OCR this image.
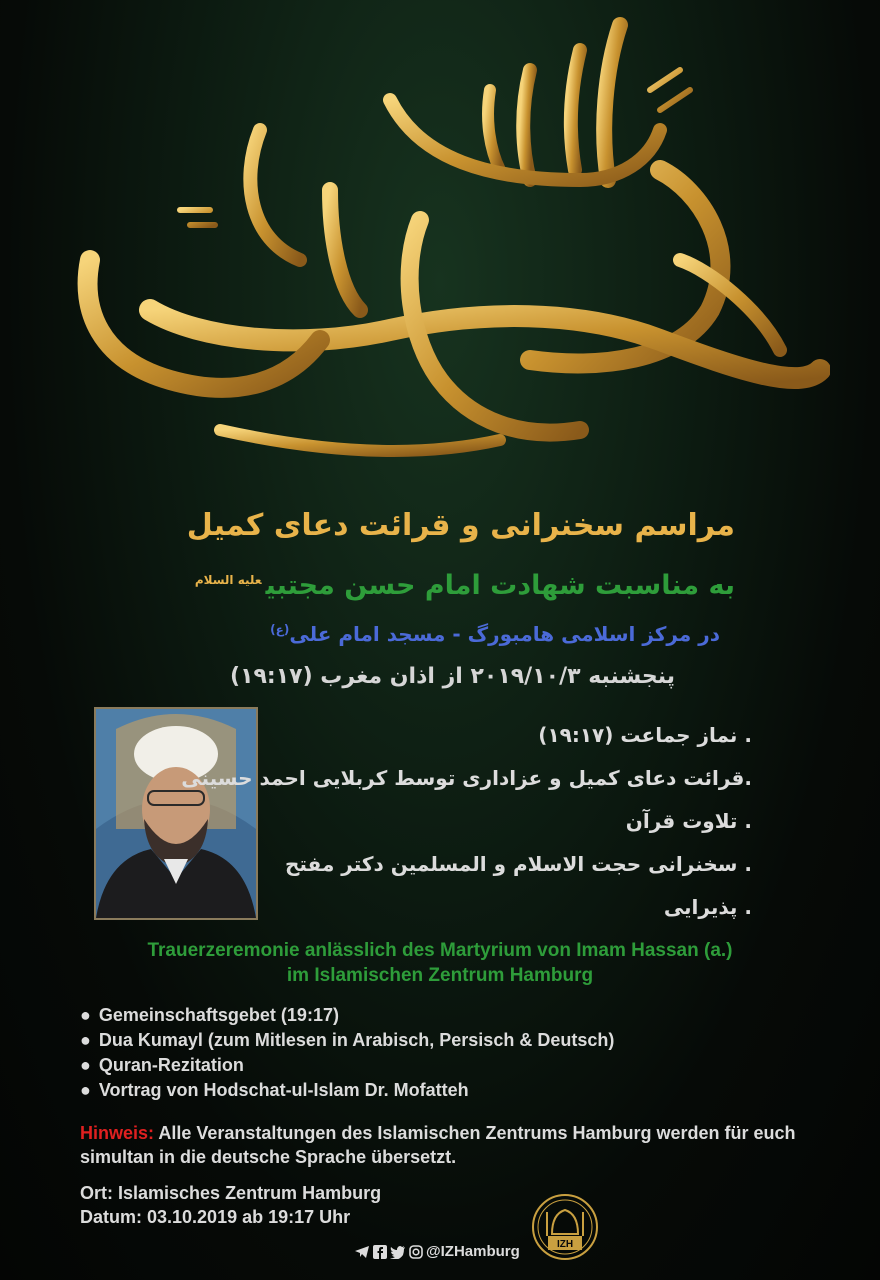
مراسم سخنرانی و قرائت دعای کمیل
به مناسبت شهادت امام حسن مجتبی$^{علیه السلام}$
در مرکز اسلامی هامبورگ - مسجد امام علی$^{(ع)}$
پنجشنبه ۲۰۱۹/۱۰/۳ از اذان مغرب (۱۹:۱۷)
. نماز جماعت (۱۹:۱۷)
.قرائت دعای کمیل و عزاداری توسط کربلایی احمد حسینی
. تلاوت قرآن
. سخنرانی حجت الاسلام و المسلمین دکتر مفتح
. پذیرایی
Trauerzeremonie anlässlich des Martyrium von Imam Hassan (a.)
im Islamischen Zentrum Hamburg
● Gemeinschaftsgebet (19:17)
● Dua Kumayl (zum Mitlesen in Arabisch, Persisch & Deutsch)
● Quran-Rezitation
● Vortrag von Hodschat-ul-Islam Dr. Mofatteh
Hinweis: Alle Veranstaltungen des Islamischen Zentrums Hamburg werden für euch simultan in die deutsche Sprache übersetzt.
Ort: Islamisches Zentrum Hamburg
Datum: 03.10.2019 ab 19:17 Uhr
IZH
@IZHamburg
